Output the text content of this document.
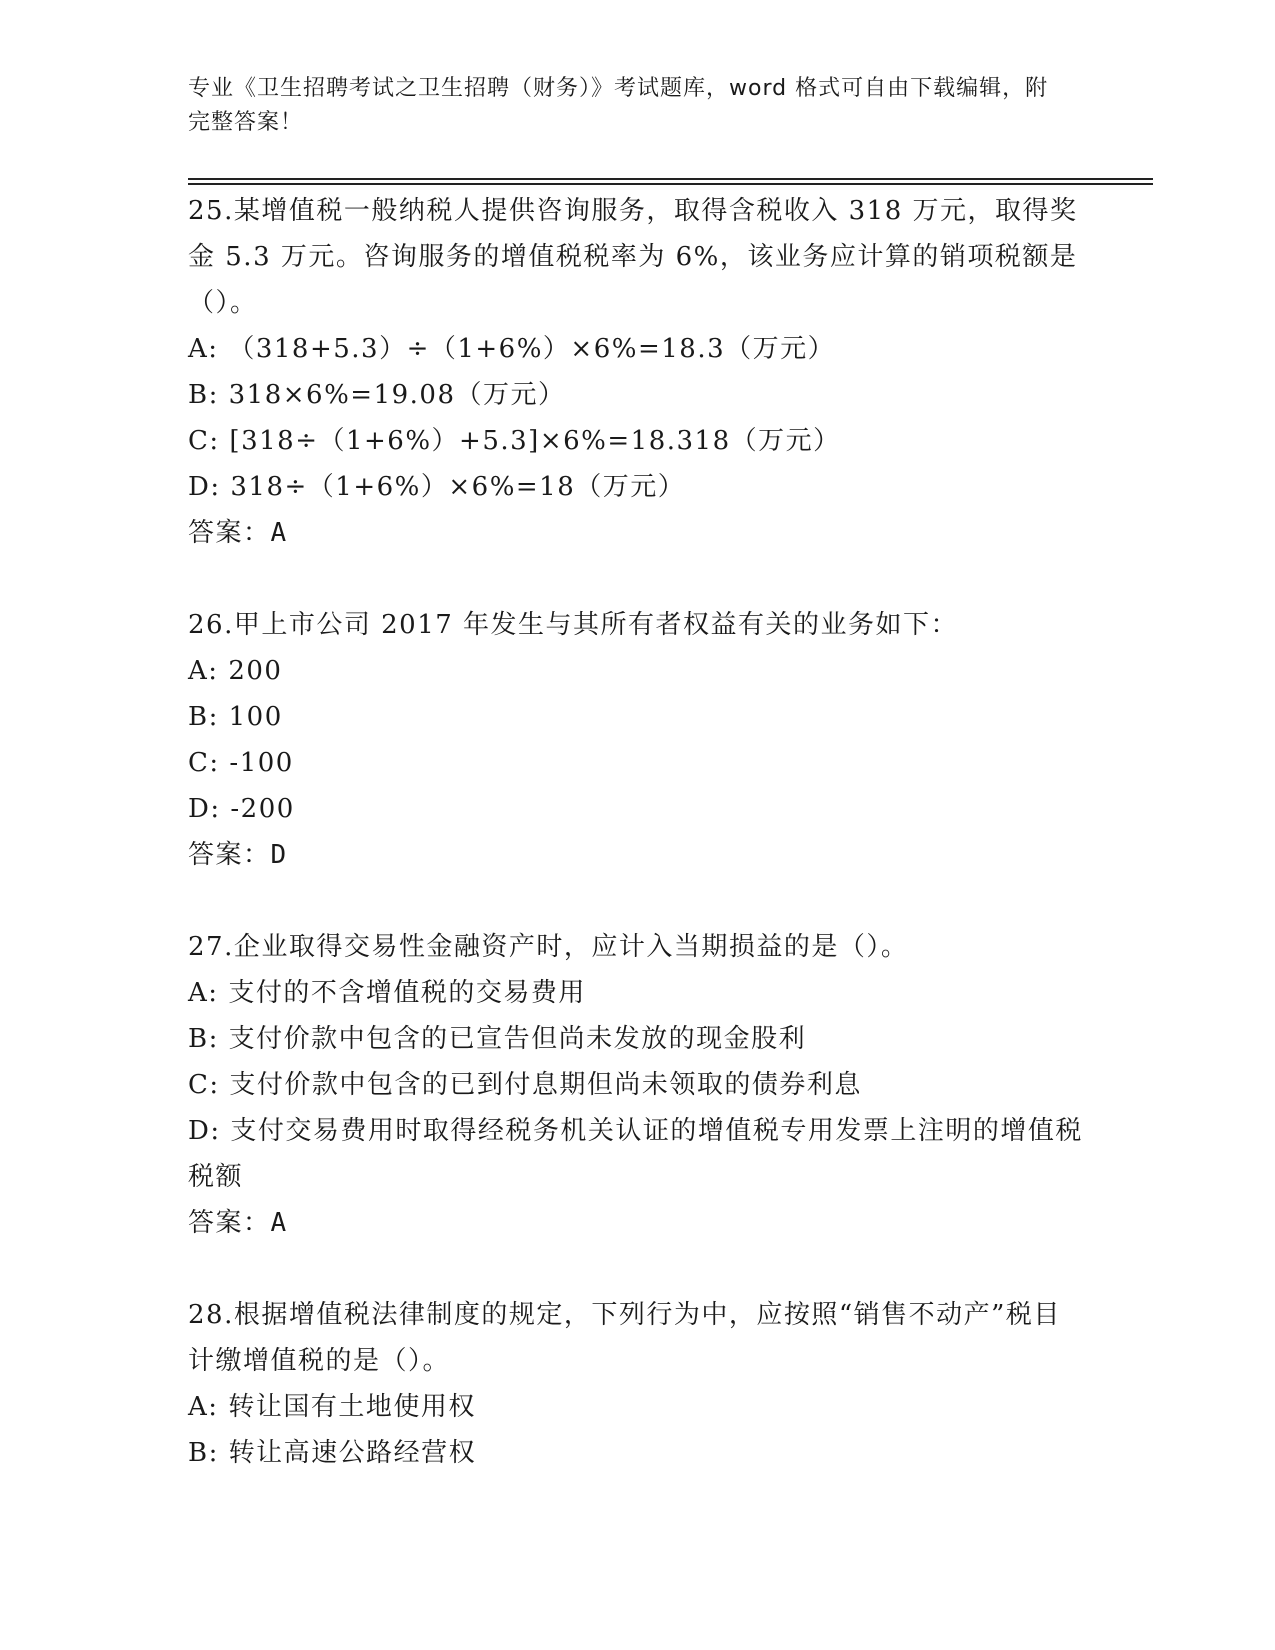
专业《卫生招聘考试之卫生招聘（财务）》考试题库，word 格式可自由下载编辑，附完整答案！

25.某增值税一般纳税人提供咨询服务，取得含税收入 318 万元，取得奖金 5.3 万元。咨询服务的增值税税率为 6%，该业务应计算的销项税额是（）。

A: （318+5.3）÷（1+6%）×6%=18.3（万元）

B: 318×6%=19.08（万元）

C: [318÷（1+6%）+5.3]×6%=18.318（万元）

D: 318÷（1+6%）×6%=18（万元）

答案：A

26.甲上市公司 2017 年发生与其所有者权益有关的业务如下：

A: 200

B: 100

C: -100

D: -200

答案：D

27.企业取得交易性金融资产时，应计入当期损益的是（）。

A: 支付的不含增值税的交易费用

B: 支付价款中包含的已宣告但尚未发放的现金股利

C: 支付价款中包含的已到付息期但尚未领取的债券利息

D: 支付交易费用时取得经税务机关认证的增值税专用发票上注明的增值税税额

答案：A

28.根据增值税法律制度的规定，下列行为中，应按照“销售不动产”税目计缴增值税的是（）。

A: 转让国有土地使用权

B: 转让高速公路经营权
